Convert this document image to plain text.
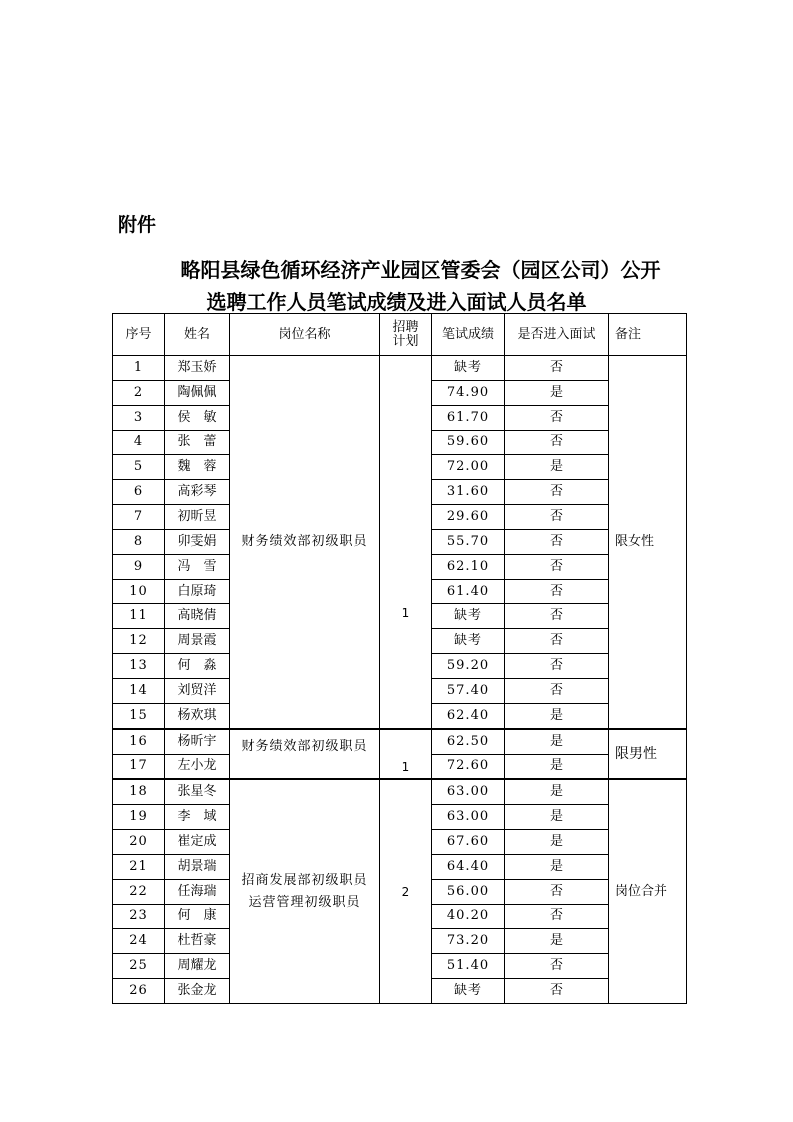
附件
略阳县绿色循环经济产业园区管委会（园区公司）公开
选聘工作人员笔试成绩及进入面试人员名单
序号	姓名	岗位名称	招聘
计划	笔试成绩	是否进入面试	备注
1	郑玉娇	财务绩效部初级职员	1	缺考	否	限女性
2	陶佩佩			74.90	是	
3	侯　敏			61.70	否	
4	张　蕾			59.60	否	
5	魏　蓉			72.00	是	
6	高彩琴			31.60	否	
7	初昕昱			29.60	否	
8	卯雯娟			55.70	否	
9	冯　雪			62.10	否	
10	白原琦			61.40	否	
11	高晓倩			缺考	否	
12	周景霞			缺考	否	
13	何　淼			59.20	否	
14	刘贸洋			57.40	否	
15	杨欢琪			62.40	是	
16	杨昕宇	财务绩效部初级职员	1	62.50	是	限男性
17	左小龙			72.60	是	
18	张星冬	招商发展部初级职员
运营管理初级职员	2	63.00	是	岗位合并
19	李　域			63.00	是	
20	崔定成			67.60	是	
21	胡景瑞			64.40	是	
22	任海瑞			56.00	否	
23	何　康			40.20	否	
24	杜哲豪			73.20	是	
25	周耀龙			51.40	否	
26	张金龙			缺考	否	
